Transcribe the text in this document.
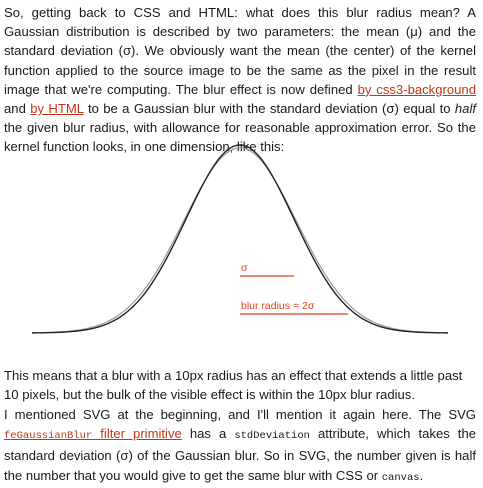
So, getting back to CSS and HTML: what does this blur radius mean? A Gaussian distribution is described by two parameters: the mean (μ) and the standard deviation (σ). We obviously want the mean (the center) of the kernel function applied to the source image to be the same as the pixel in the result image that we're computing. The blur effect is now defined by css3-background and by HTML to be a Gaussian blur with the standard deviation (σ) equal to half the given blur radius, with allowance for reasonable approximation error. So the kernel function looks, in one dimension, like this:

σ
blur radius = 2σ

This means that a blur with a 10px radius has an effect that extends a little past 10 pixels, but the bulk of the visible effect is within the 10px blur radius.

I mentioned SVG at the beginning, and I'll mention it again here. The SVG feGaussianBlur filter primitive has a stdDeviation attribute, which takes the standard deviation (σ) of the Gaussian blur. So in SVG, the number given is half the number that you would give to get the same blur with CSS or canvas.
